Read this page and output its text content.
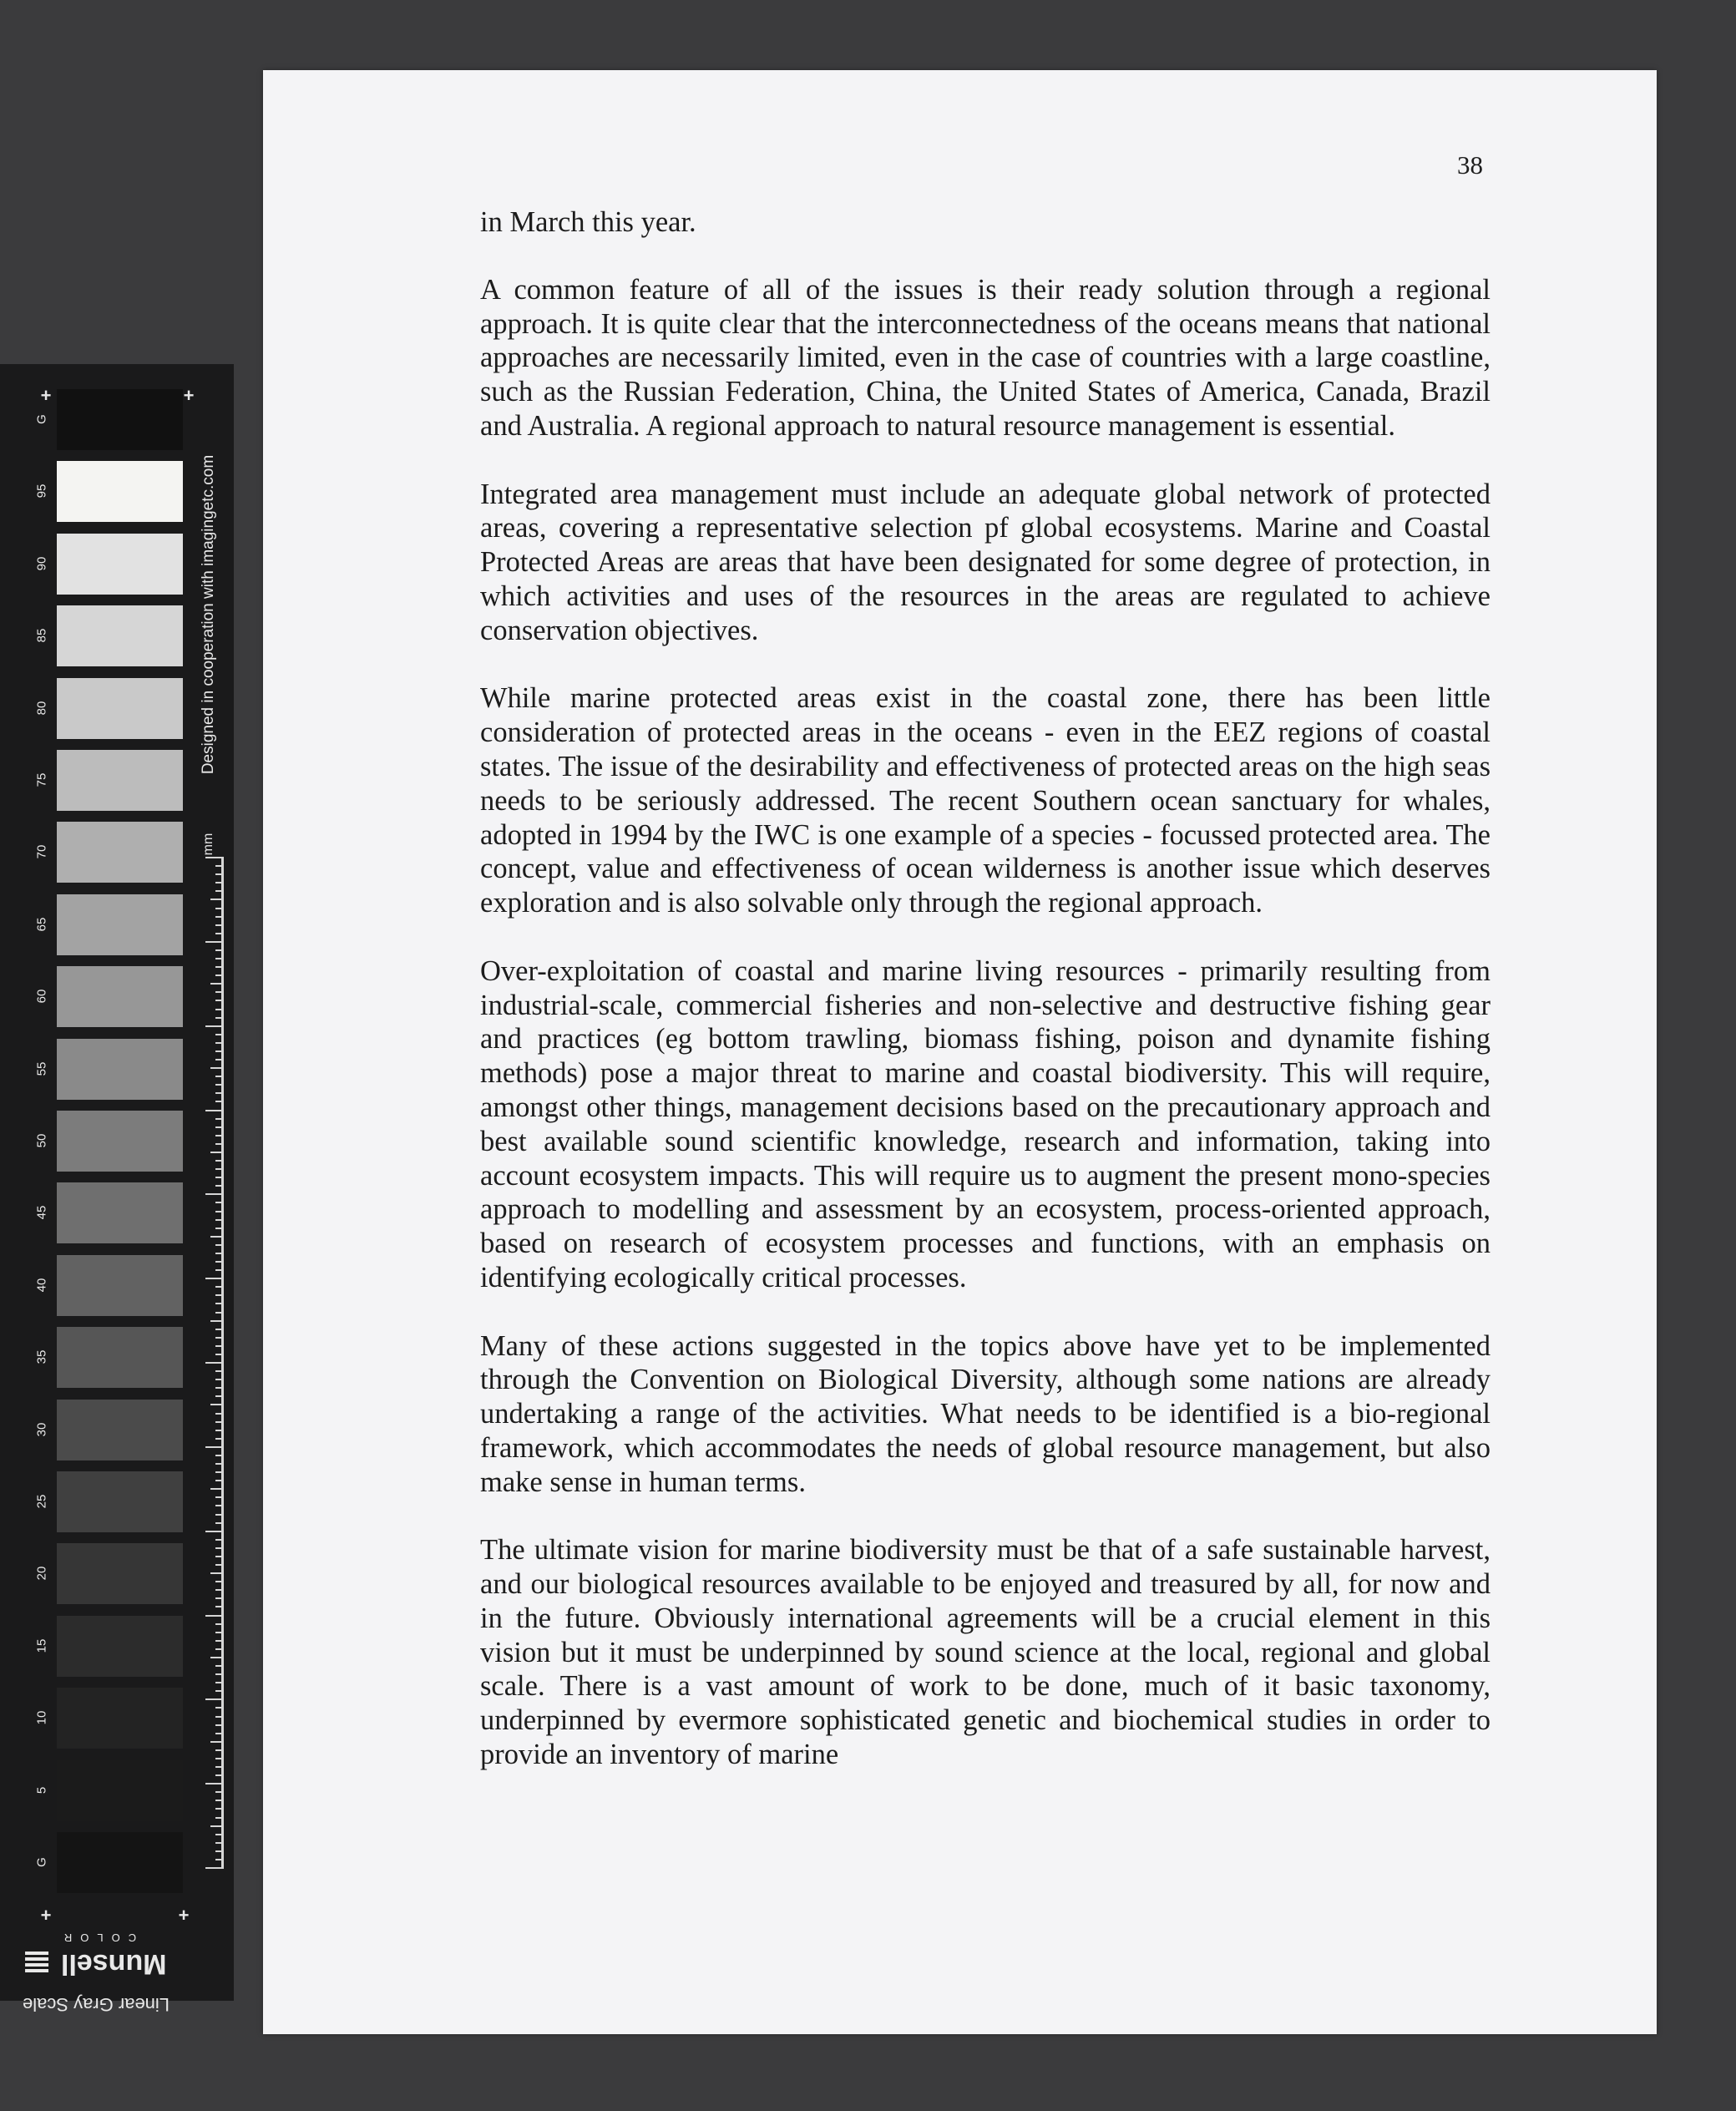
G
95
90
85
80
75
70
65
60
55
50
45
40
35
30
25
20
15
10
5
G
+	+
+	+
Designed in cooperation with imagingetc.com
mm
Linear Gray Scale
Munsell
COLOR
38

in March this year.

A common feature of all of the issues is their ready solution through a regional approach. It is quite clear that the interconnectedness of the oceans means that national approaches are necessarily limited, even in the case of countries with a large coastline, such as the Russian Federation, China, the United States of America, Canada, Brazil and Australia. A regional approach to natural resource management is essential.

Integrated area management must include an adequate global network of protected areas, covering a representative selection pf global ecosystems. Marine and Coastal Protected Areas are areas that have been designated for some degree of protection, in which activities and uses of the resources in the areas are regulated to achieve conservation objectives.

While marine protected areas exist in the coastal zone, there has been little consideration of protected areas in the oceans - even in the EEZ regions of coastal states. The issue of the desirability and effectiveness of protected areas on the high seas needs to be seriously addressed. The recent Southern ocean sanctuary for whales, adopted in 1994 by the IWC is one example of a species - focussed protected area. The concept, value and effectiveness of ocean wilderness is another issue which deserves exploration and is also solvable only through the regional approach.

Over-exploitation of coastal and marine living resources - primarily resulting from industrial-scale, commercial fisheries and non-selective and destructive fishing gear and practices (eg bottom trawling, biomass fishing, poison and dynamite fishing methods) pose a major threat to marine and coastal biodiversity. This will require, amongst other things, management decisions based on the precautionary approach and best available sound scientific knowledge, research and information, taking into account ecosystem impacts. This will require us to augment the present mono-species approach to modelling and assessment by an ecosystem, process-oriented approach, based on research of ecosystem processes and functions, with an emphasis on identifying ecologically critical processes.

Many of these actions suggested in the topics above have yet to be implemented through the Convention on Biological Diversity, although some nations are already undertaking a range of the activities. What needs to be identified is a bio-regional framework, which accommodates the needs of global resource management, but also make sense in human terms.

The ultimate vision for marine biodiversity must be that of a safe sustainable harvest, and our biological resources available to be enjoyed and treasured by all, for now and in the future. Obviously international agreements will be a crucial element in this vision but it must be underpinned by sound science at the local, regional and global scale. There is a vast amount of work to be done, much of it basic taxonomy, underpinned by evermore sophisticated genetic and biochemical studies in order to provide an inventory of marine
